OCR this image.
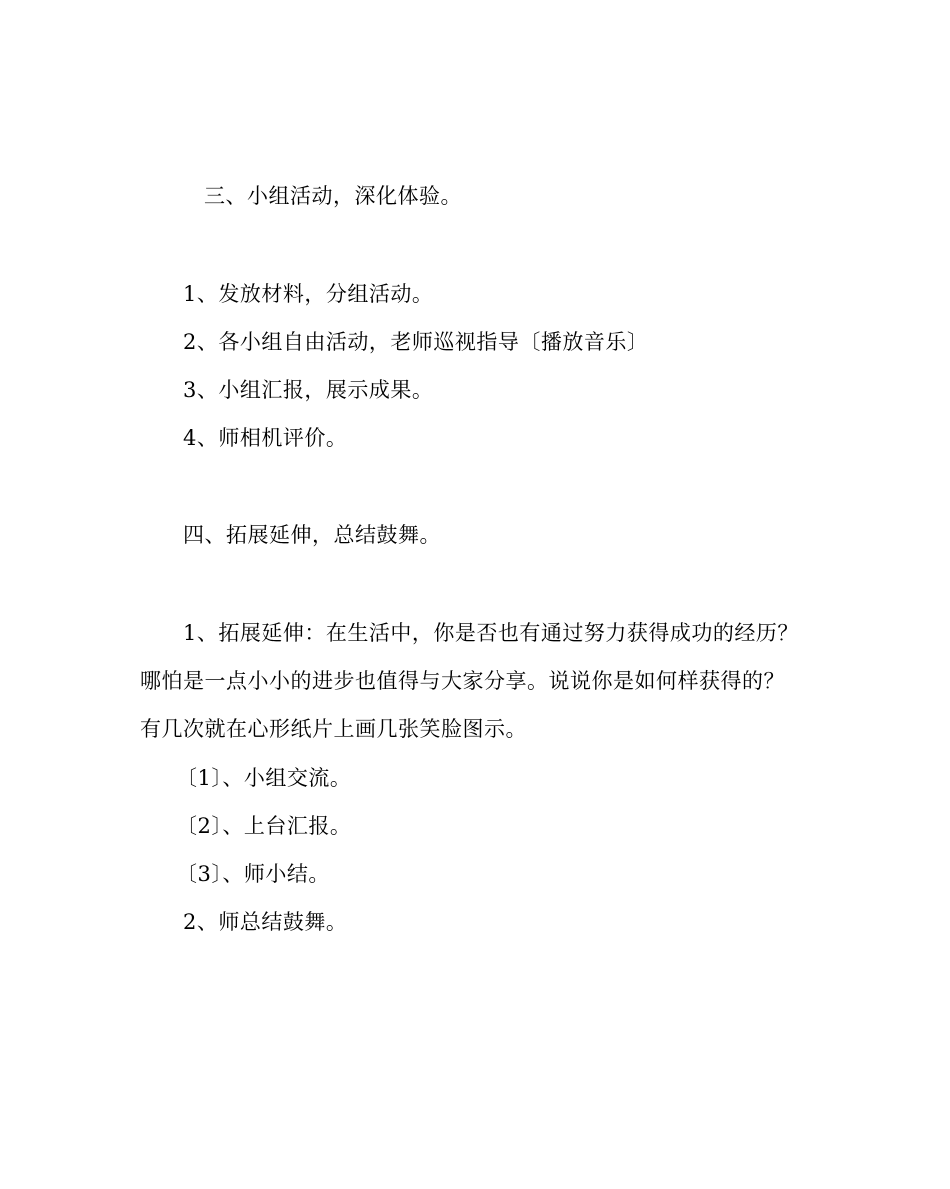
三、小组活动，深化体验。
1、发放材料，分组活动。
2、各小组自由活动，老师巡视指导〔播放音乐〕
3、小组汇报，展示成果。
4、师相机评价。
四、拓展延伸，总结鼓舞。
1、拓展延伸：在生活中，你是否也有通过努力获得成功的经历？
哪怕是一点小小的进步也值得与大家分享。说说你是如何样获得的？
有几次就在心形纸片上画几张笑脸图示。
〔1〕、小组交流。
〔2〕、上台汇报。
〔3〕、师小结。
2、师总结鼓舞。
